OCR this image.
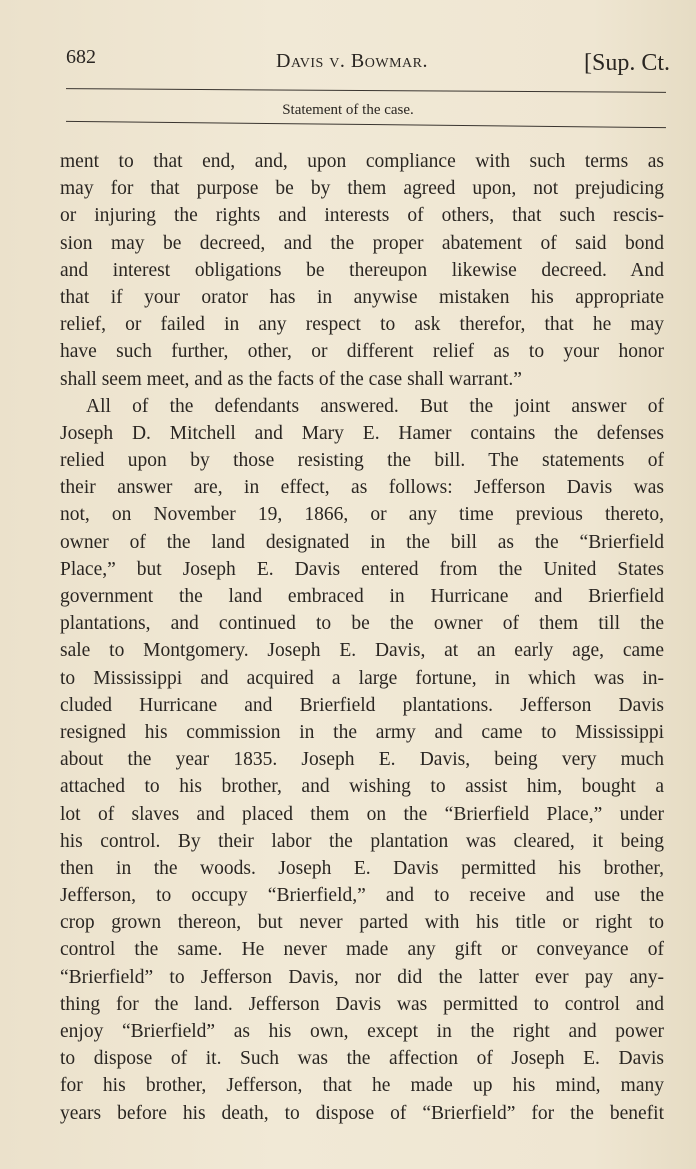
682	Davis v. Bowmar.	[Sup. Ct.
Statement of the case.
ment to that end, and, upon compliance with such terms as
may for that purpose be by them agreed upon, not prejudicing
or injuring the rights and interests of others, that such rescis-
sion may be decreed, and the proper abatement of said bond
and interest obligations be thereupon likewise decreed. And
that if your orator has in anywise mistaken his appropriate
relief, or failed in any respect to ask therefor, that he may
have such further, other, or different relief as to your honor
shall seem meet, and as the facts of the case shall warrant.”
All of the defendants answered. But the joint answer of
Joseph D. Mitchell and Mary E. Hamer contains the defenses
relied upon by those resisting the bill. The statements of
their answer are, in effect, as follows: Jefferson Davis was
not, on November 19, 1866, or any time previous thereto,
owner of the land designated in the bill as the “Brierfield
Place,” but Joseph E. Davis entered from the United States
government the land embraced in Hurricane and Brierfield
plantations, and continued to be the owner of them till the
sale to Montgomery. Joseph E. Davis, at an early age, came
to Mississippi and acquired a large fortune, in which was in-
cluded Hurricane and Brierfield plantations. Jefferson Davis
resigned his commission in the army and came to Mississippi
about the year 1835. Joseph E. Davis, being very much
attached to his brother, and wishing to assist him, bought a
lot of slaves and placed them on the “Brierfield Place,” under
his control. By their labor the plantation was cleared, it being
then in the woods. Joseph E. Davis permitted his brother,
Jefferson, to occupy “Brierfield,” and to receive and use the
crop grown thereon, but never parted with his title or right to
control the same. He never made any gift or conveyance of
“Brierfield” to Jefferson Davis, nor did the latter ever pay any-
thing for the land. Jefferson Davis was permitted to control and
enjoy “Brierfield” as his own, except in the right and power
to dispose of it. Such was the affection of Joseph E. Davis
for his brother, Jefferson, that he made up his mind, many
years before his death, to dispose of “Brierfield” for the benefit
